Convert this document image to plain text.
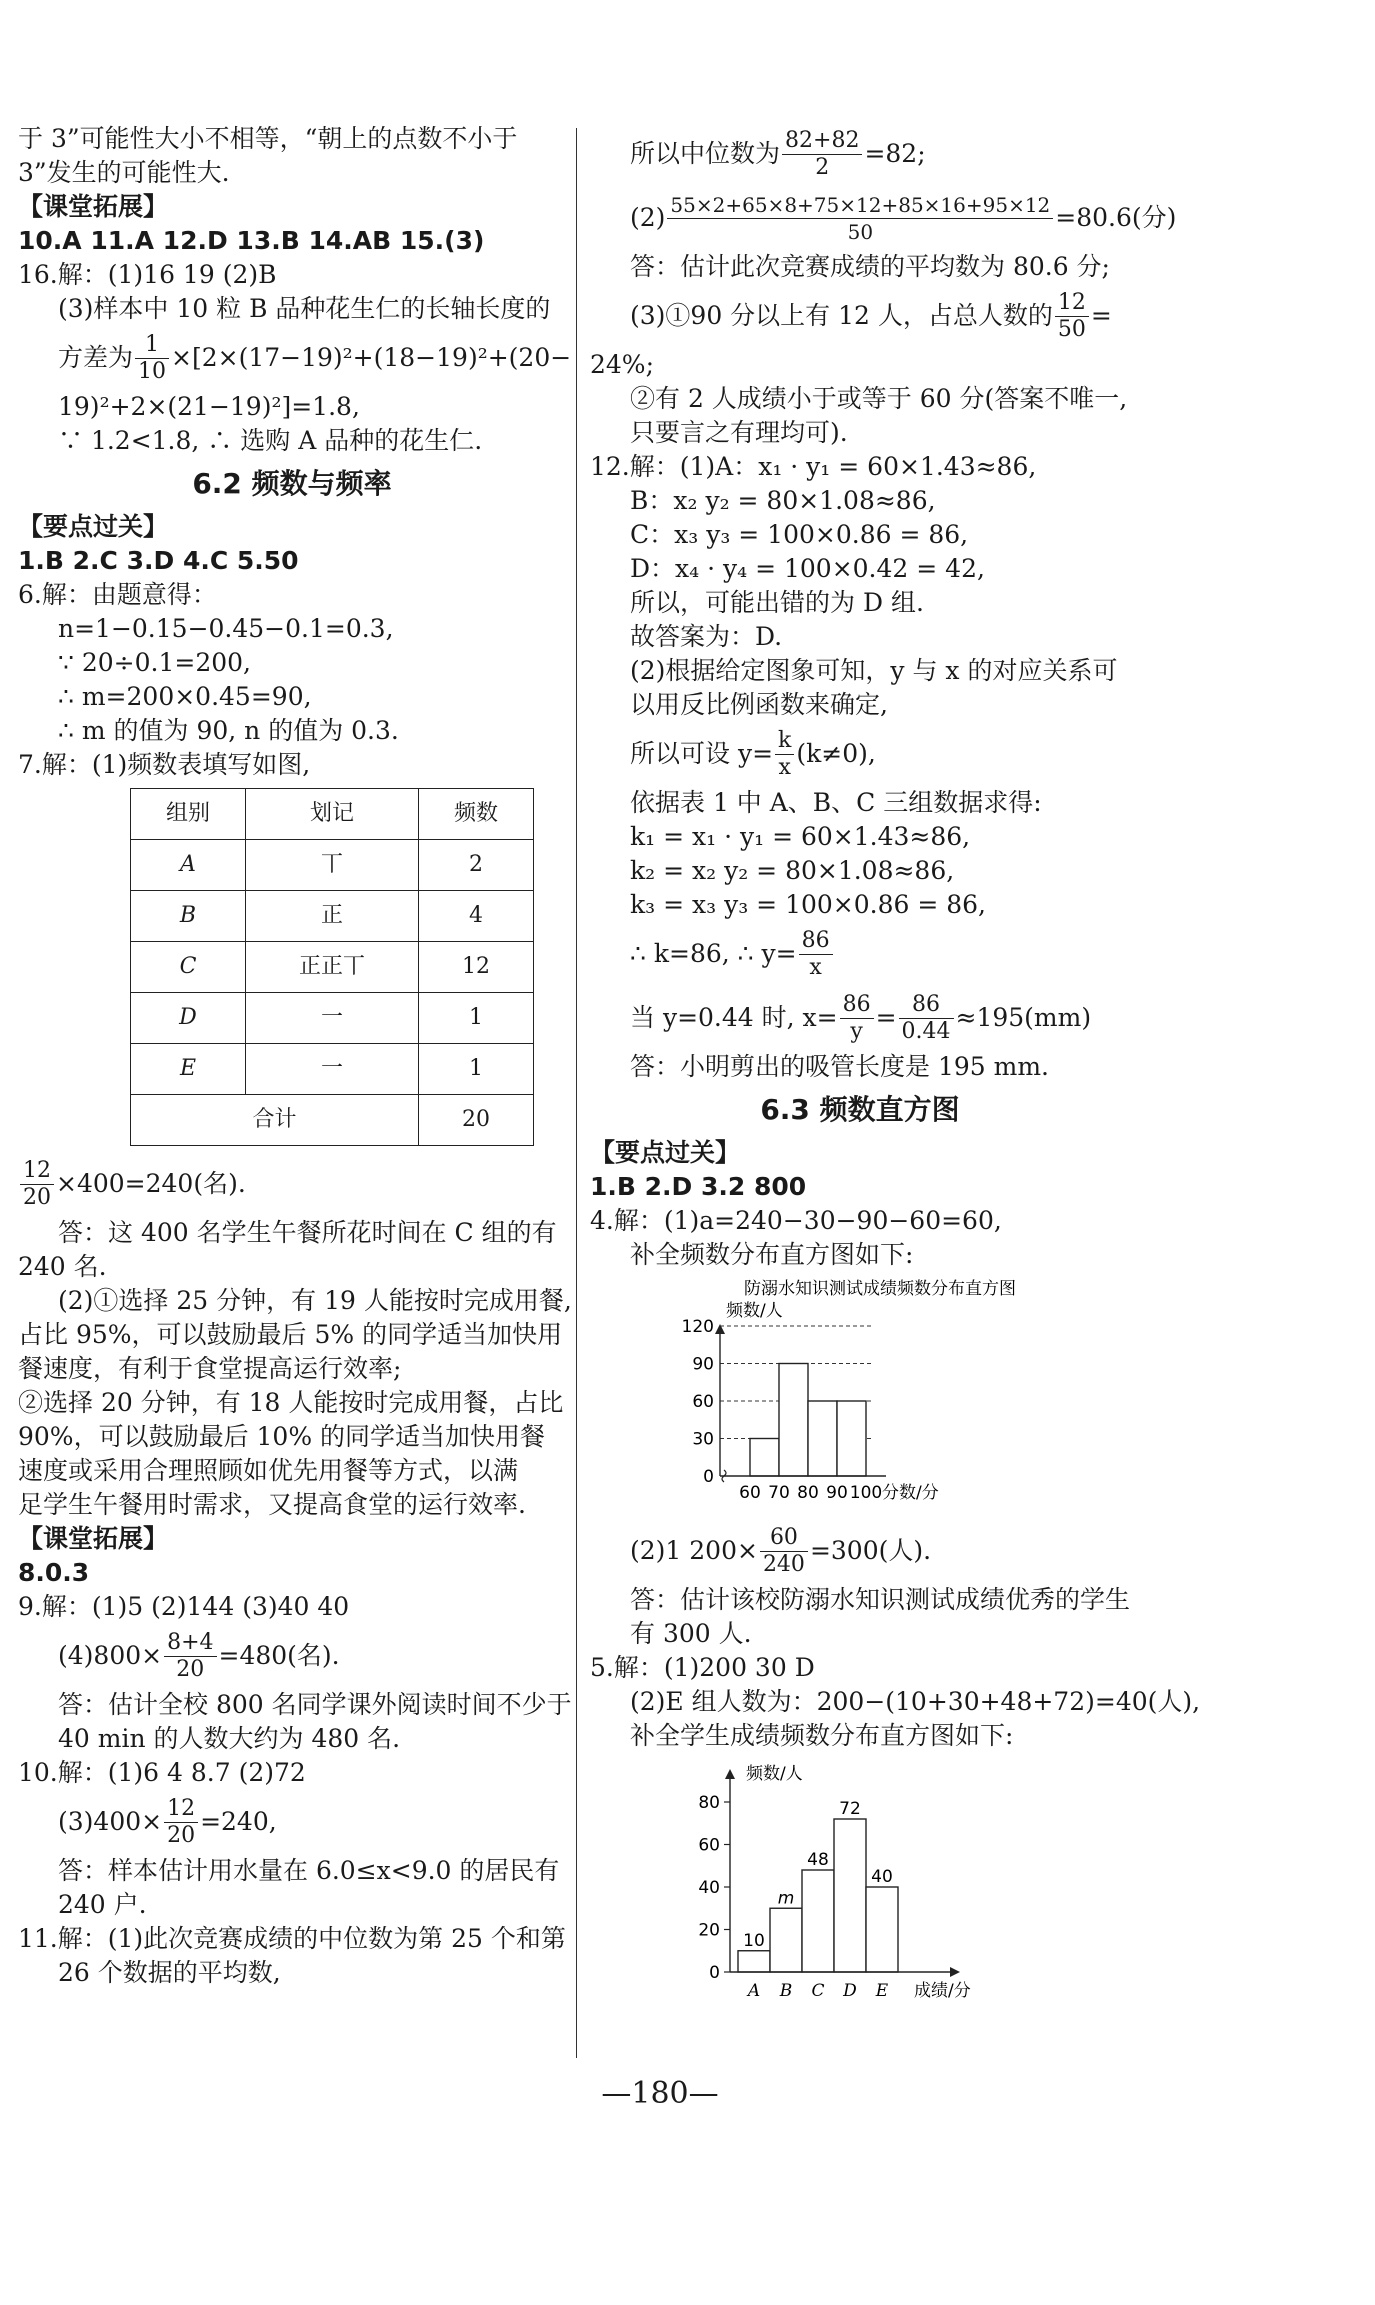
于 3”可能性大小不相等，“朝上的点数不小于
3”发生的可能性大.
【课堂拓展】
10.A 11.A 12.D 13.B 14.AB 15.(3)
16.解：(1)16 19 (2)B
(3)样本中 10 粒 B 品种花生仁的长轴长度的
方差为 $\frac{1}{10} \times[2\times(17-19)^2+(18-19)^2+(20-$
19)²+2×(21−19)²]=1.8,
∵ 1.2<1.8, ∴ 选购 A 品种的花生仁.
6.2 频数与频率
【要点过关】
1.B 2.C 3.D 4.C 5.50
6.解：由题意得：
n=1−0.15−0.45−0.1=0.3,
∵ 20÷0.1=200,
∴ m=200×0.45=90,
∴ m 的值为 90, n 的值为 0.3.
7.解：(1)频数表填写如图,
组别	划记	频数
A	丅	2
B	正	4
C	正正丅	12
D	一	1
E	一	1
合计		20
$\frac{12}{20} \times 400=240$(名).
答：这 400 名学生午餐所花时间在 C 组的有
240 名.
(2)①选择 25 分钟，有 19 人能按时完成用餐,
占比 95%，可以鼓励最后 5% 的同学适当加快用
餐速度，有利于食堂提高运行效率;
②选择 20 分钟，有 18 人能按时完成用餐，占比
90%，可以鼓励最后 10% 的同学适当加快用餐
速度或采用合理照顾如优先用餐等方式，以满
足学生午餐用时需求，又提高食堂的运行效率.
【课堂拓展】
8.0.3
9.解：(1)5 (2)144 (3)40 40
$(4)800\times \frac{8+4}{20} =480$(名).
答：估计全校 800 名同学课外阅读时间不少于
40 min 的人数大约为 480 名.
10.解：(1)6 4 8.7 (2)72
$(3)400\times \frac{12}{20} =240$,
答：样本估计用水量在 6.0≤x<9.0 的居民有
240 户.
11.解：(1)此次竞赛成绩的中位数为第 25 个和第
26 个数据的平均数,
所以中位数为 $\frac{82+82}{2} =82$;
$(2) \frac{55\times 2+65\times 8+75\times 12+85\times 16+95\times 12}{50} =80.6$(分)
答：估计此次竞赛成绩的平均数为 80.6 分;
(3)①90 分以上有 12 人，占总人数的 $\frac{12}{50}$ =
24%;
②有 2 人成绩小于或等于 60 分(答案不唯一,
只要言之有理均可).
12.解：(1)A：x₁ · y₁ = 60×1.43≈86,
B：x₂ y₂ = 80×1.08≈86,
C：x₃ y₃ = 100×0.86 = 86,
D：x₄ · y₄ = 100×0.42 = 42,
所以，可能出错的为 D 组.
故答案为：D.
(2)根据给定图象可知，y 与 x 的对应关系可
以用反比例函数来确定,
所以可设 $y= \frac{k}{x} (k\ne 0)$,
依据表 1 中 A、B、C 三组数据求得:
k₁ = x₁ · y₁ = 60×1.43≈86,
k₂ = x₂ y₂ = 80×1.08≈86,
k₃ = x₃ y₃ = 100×0.86 = 86,
∴ k=86, ∴ $y= \frac{86}{x}$
当 y=0.44 时, $x= \frac{86}{y} = \frac{86}{0.44} \approx 195(mm)$
答：小明剪出的吸管长度是 195 mm.
6.3 频数直方图
【要点过关】
1.B 2.D 3.2 800
4.解：(1)a=240−30−90−60=60,
补全频数分布直方图如下:
防溺水知识测试成绩频数分布直方图
频数/人
0
30
60
90
120
60 70 80 90 100 分数/分
(2)1 $200\times \frac{60}{240} =300$(人).
答：估计该校防溺水知识测试成绩优秀的学生
有 300 人.
5.解：(1)200 30 D
(2)E 组人数为：200−(10+30+48+72)=40(人),
补全学生成绩频数分布直方图如下:
频数/人
0
20
40
60
80
10
A
m
B
48
C
72
D
40
E 成绩/分
—180—
